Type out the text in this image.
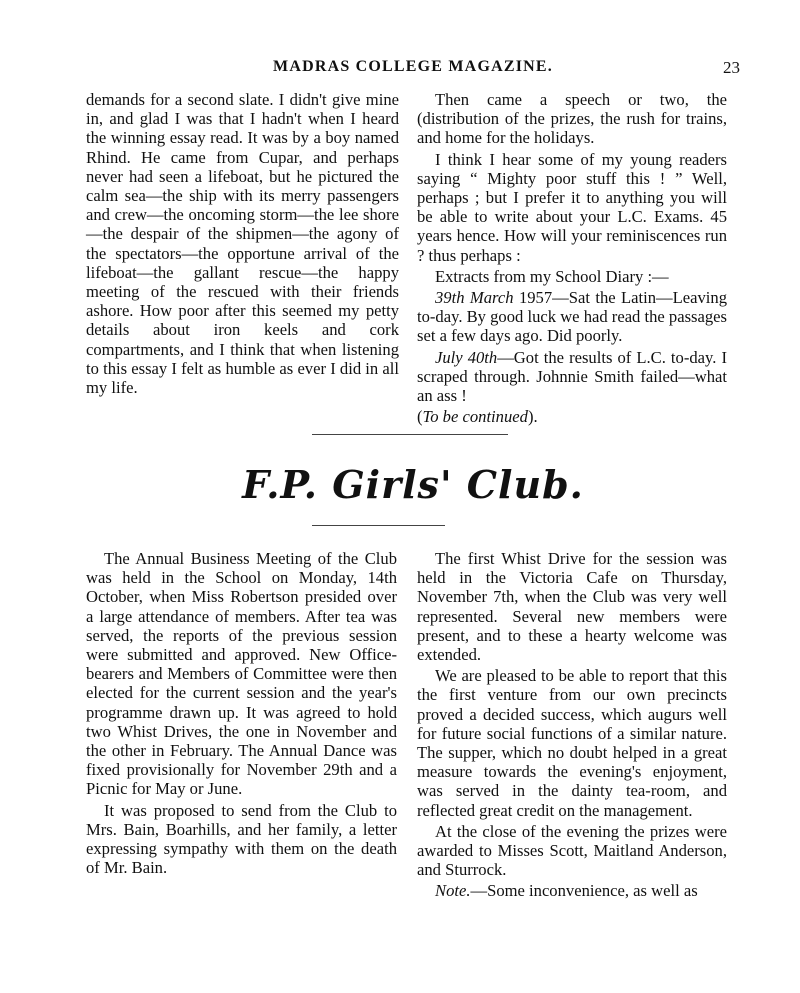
MADRAS COLLEGE MAGAZINE.	23

demands for a second slate. I didn't give mine in, and glad I was that I hadn't when I heard the winning essay read. It was by a boy named Rhind. He came from Cupar, and perhaps never had seen a lifeboat, but he pictured the calm sea—the ship with its merry passengers and crew—the oncoming storm—the lee shore—the despair of the shipmen—the agony of the spectators—the opportune arrival of the lifeboat—the gallant rescue—the happy meeting of the rescued with their friends ashore. How poor after this seemed my petty details about iron keels and cork compartments, and I think that when listening to this essay I felt as humble as ever I did in all my life.

Then came a speech or two, the (distribution of the prizes, the rush for trains, and home for the holidays.

I think I hear some of my young readers saying “ Mighty poor stuff this ! ” Well, perhaps ; but I prefer it to anything you will be able to write about your L.C. Exams. 45 years hence. How will your reminiscences run ? thus perhaps :

Extracts from my School Diary :—

39th March 1957—Sat the Latin—Leaving to-day. By good luck we had read the passages set a few days ago. Did poorly.

July 40th—Got the results of L.C. to-day. I scraped through. Johnnie Smith failed—what an ass !

(To be continued).

F.P. Girls' Club.

The Annual Business Meeting of the Club was held in the School on Monday, 14th October, when Miss Robertson presided over a large attendance of members. After tea was served, the reports of the previous session were submitted and approved. New Office-bearers and Members of Committee were then elected for the current session and the year's programme drawn up. It was agreed to hold two Whist Drives, the one in November and the other in February. The Annual Dance was fixed provisionally for November 29th and a Picnic for May or June.

It was proposed to send from the Club to Mrs. Bain, Boarhills, and her family, a letter expressing sympathy with them on the death of Mr. Bain.

The first Whist Drive for the session was held in the Victoria Cafe on Thursday, November 7th, when the Club was very well represented. Several new members were present, and to these a hearty welcome was extended.

We are pleased to be able to report that this the first venture from our own precincts proved a decided success, which augurs well for future social functions of a similar nature. The supper, which no doubt helped in a great measure towards the evening's enjoyment, was served in the dainty tea-room, and reflected great credit on the management.

At the close of the evening the prizes were awarded to Misses Scott, Maitland Anderson, and Sturrock.

Note.—Some inconvenience, as well as
